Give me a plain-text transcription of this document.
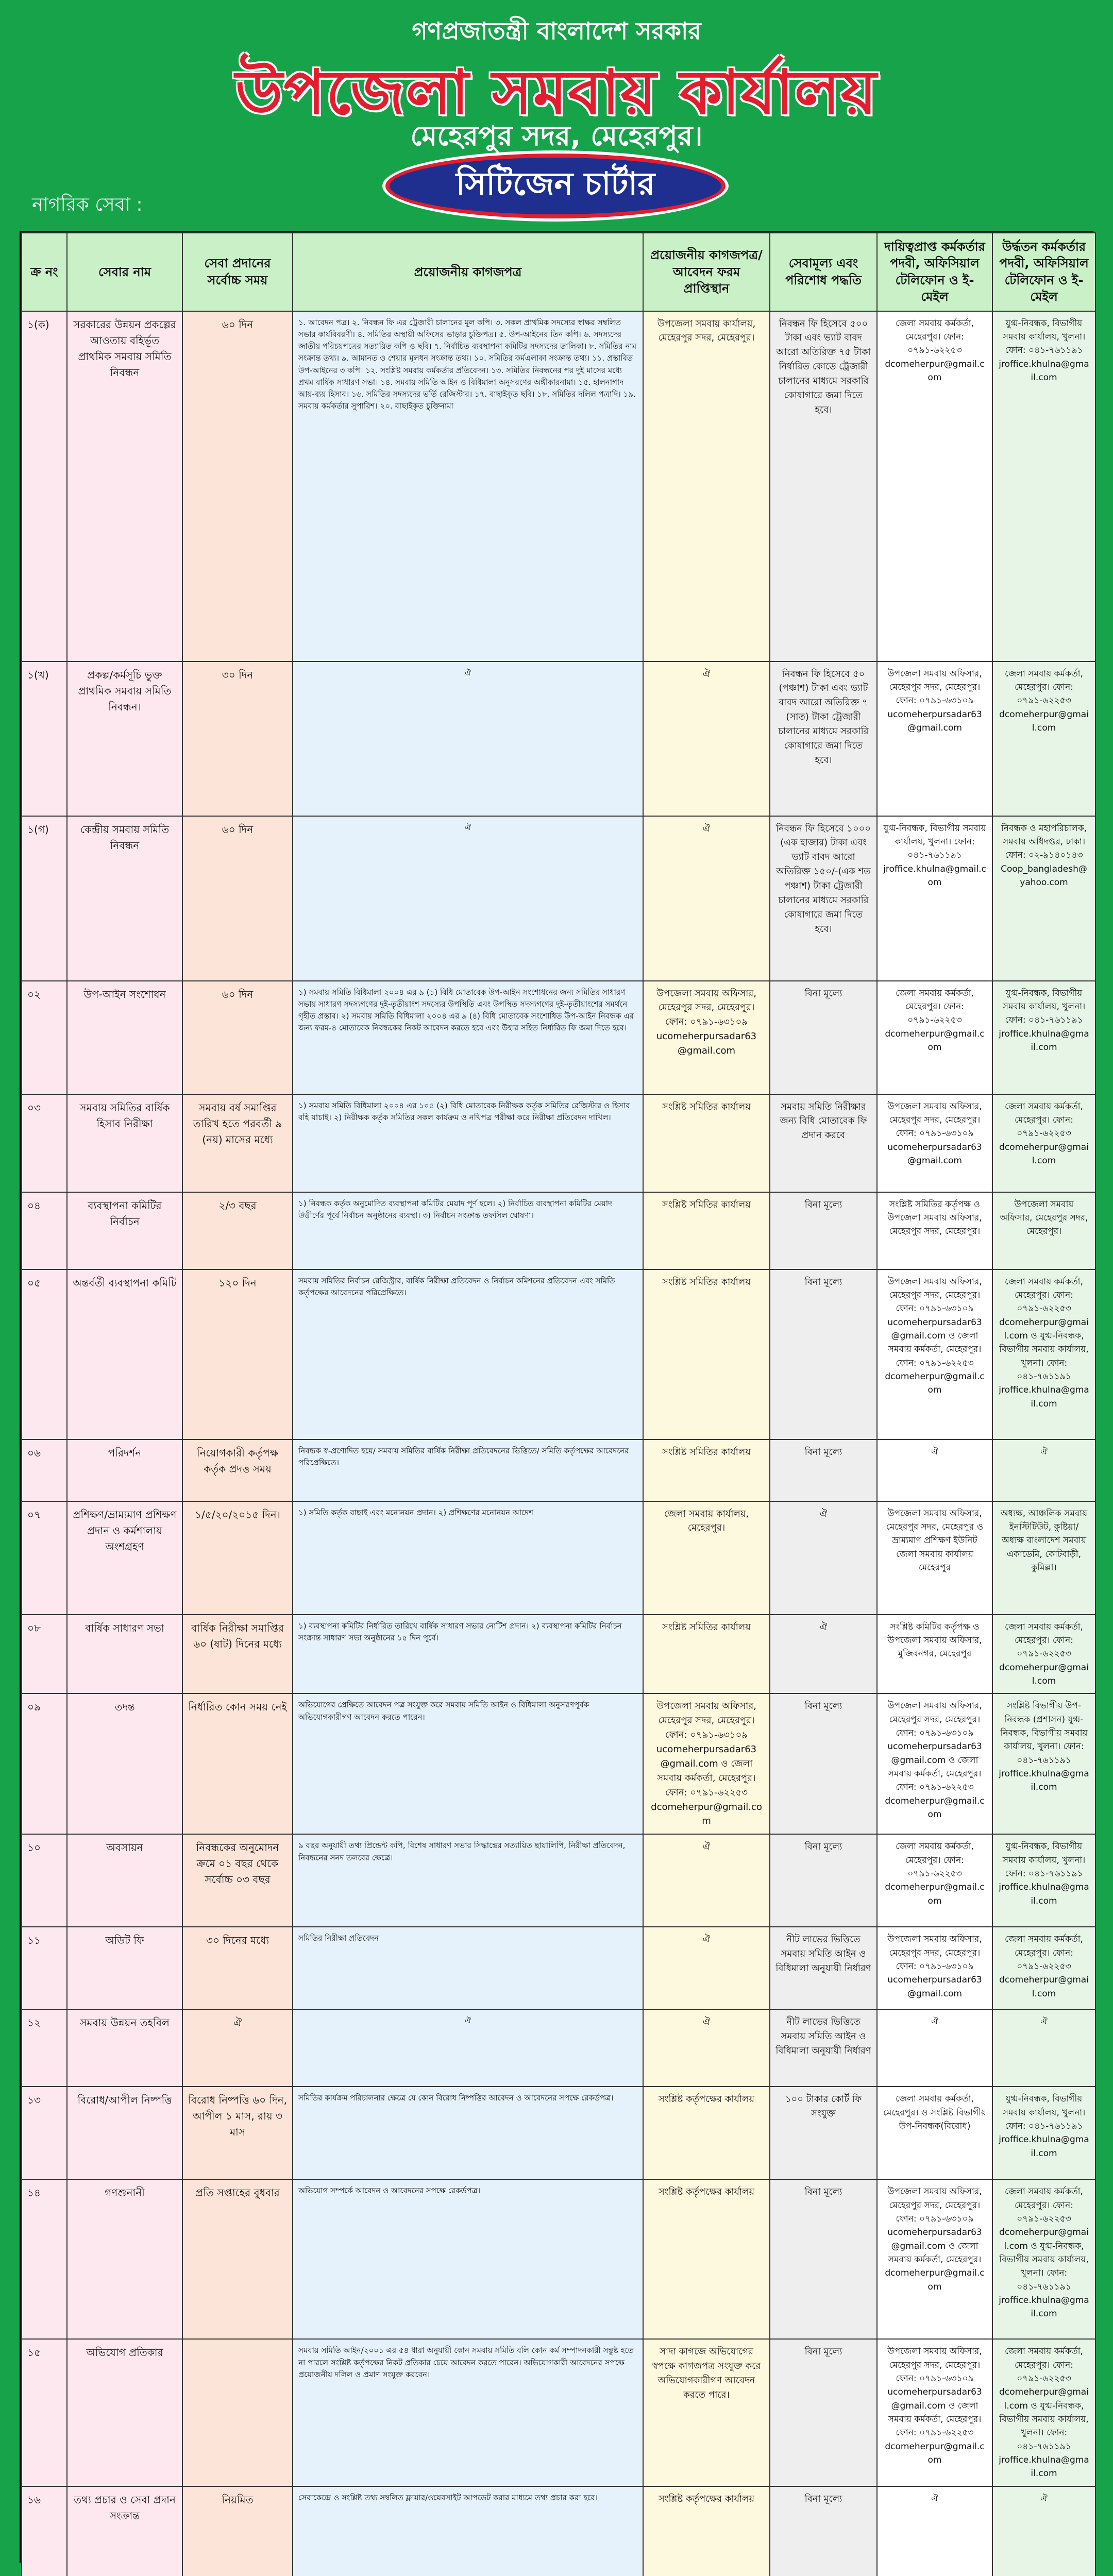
গণপ্রজাতন্ত্রী বাংলাদেশ সরকার
উপজেলা সমবায় কার্যালয়
মেহেরপুর সদর, মেহেরপুর।
নাগরিক সেবা :
সিটিজেন চার্টার
ক্র নং	সেবার নাম	সেবা প্রদানের সর্বোচ্চ সময়	প্রয়োজনীয় কাগজপত্র	প্রয়োজনীয় কাগজপত্র/ আবেদন ফরম প্রাপ্তিস্থান	সেবামূল্য এবং পরিশোধ পদ্ধতি	দায়িত্বপ্রাপ্ত কর্মকর্তার পদবী, অফিসিয়াল টেলিফোন ও ই-মেইল	উর্দ্ধতন কর্মকর্তার পদবী, অফিসিয়াল টেলিফোন ও ই-মেইল
১(ক)	সরকারের উন্নয়ন প্রকল্পের আওতায় বহির্ভূত প্রাথমিক সমবায় সমিতি নিবন্ধন	৬০ দিন	১. আবেদন পত্র। ২. নিবন্ধন ফি এর ট্রেজারী চালানের মূল কপি। ৩. সকল প্রাথমিক সদস্যের স্বাক্ষর সম্বলিত সভার কার্যবিবরণী। ৪. সমিতির অস্থায়ী অফিসের ভাড়ার চুক্তিপত্র। ৫. উপ-আইনের তিন কপি। ৬. সদস্যদের জাতীয় পরিচয়পত্রের সত্যায়িত কপি ও ছবি। ৭. নির্বাচিত ব্যবস্থাপনা কমিটির সদস্যদের তালিকা। ৮. সমিতির নাম সংক্রান্ত তথ্য। ৯. আমানত ও শেয়ার মূলধন সংক্রান্ত তথ্য। ১০. সমিতির কর্মএলাকা সংক্রান্ত তথ্য। ১১. প্রস্তাবিত উপ-আইনের ৩ কপি। ১২. সংশ্লিষ্ট সমবায় কর্মকর্তার প্রতিবেদন। ১৩. সমিতির নিবন্ধনের পর দুই মাসের মধ্যে প্রথম বার্ষিক সাধারণ সভা। ১৪. সমবায় সমিতি আইন ও বিধিমালা অনুসরণের অঙ্গীকারনামা। ১৫. হালনাগাদ আয়-ব্যয় হিসাব। ১৬. সমিতির সদস্যদের ভর্তি রেজিস্টার। ১৭. বাছাইকৃত ছবি। ১৮. সমিতির দলিল পত্রাদি। ১৯. সমবায় কর্মকর্তার সুপারিশ। ২০. বাছাইকৃত চুক্তিনামা	উপজেলা সমবায় কার্যালয়, মেহেরপুর সদর, মেহেরপুর।	নিবন্ধন ফি হিসেবে ৫০০ টাকা এবং ভ্যাট বাবদ আরো অতিরিক্ত ৭৫ টাকা নির্ধারিত কোডে ট্রেজারী চালানের মাধ্যমে সরকারি কোষাগারে জমা দিতে হবে।	জেলা সমবায় কর্মকর্তা, মেহেরপুর। ফোন: ০৭৯১-৬২২৫৩ dcomeherpur@gmail.com	যুগ্ম-নিবন্ধক, বিভাগীয় সমবায় কার্যালয়, খুলনা। ফোন: ০৪১-৭৬১১৯১ jrofficе.khulna@gmail.com
১(খ)	প্রকল্প/কর্মসূচি ভুক্ত প্রাথমিক সমবায় সমিতি নিবন্ধন।	৩০ দিন	ঐ	ঐ	নিবন্ধন ফি হিসেবে ৫০ (পঞ্চাশ) টাকা এবং ভ্যাট বাবদ আরো অতিরিক্ত ৭ (সাত) টাকা ট্রেজারী চালানের মাধ্যমে সরকারি কোষাগারে জমা দিতে হবে।	উপজেলা সমবায় অফিসার, মেহেরপুর সদর, মেহেরপুর। ফোন: ০৭৯১-৬৩১০৯ ucomeherpursadar63 @gmail.com	জেলা সমবায় কর্মকর্তা, মেহেরপুর। ফোন: ০৭৯১-৬২২৫৩ dcomeherpur@gmail.com
১(গ)	কেন্দ্রীয় সমবায় সমিতি নিবন্ধন	৬০ দিন	ঐ	ঐ	নিবন্ধন ফি হিসেবে ১০০০ (এক হাজার) টাকা এবং ভ্যাট বাবদ আরো অতিরিক্ত ১৫০/-(এক শত পঞ্চাশ) টাকা ট্রেজারী চালানের মাধ্যমে সরকারি কোষাগারে জমা দিতে হবে।	যুগ্ম-নিবন্ধক, বিভাগীয় সমবায় কার্যালয়, খুলনা। ফোন: ০৪১-৭৬১১৯১ jrofficе.khulna@gmail.com	নিবন্ধক ও মহাপরিচালক, সমবায় অধিদপ্তর, ঢাকা। ফোন: ০২-৯১৪০১৪৩ Coop_bangladesh@ yahoo.com
০২	উপ-আইন সংশোধন	৬০ দিন	১) সমবায় সমিতি বিধিমালা ২০০৪ এর ৯ (১) বিধি মোতাবেক উপ-আইন সংশোধনের জন্য সমিতির সাধারণ সভায় সাধারণ সদস্যগণের দুই-তৃতীয়াংশ সদস্যের উপস্থিতি এবং উপস্থিত সদস্যগণের দুই-তৃতীয়াংশের সমর্থনে গৃহীত প্রস্তাব। ২) সমবায় সমিতি বিধিমালা ২০০৪ এর ৯ (৪) বিধি মোতাবেক সংশোধিত উপ-আইন নিবন্ধক এর জন্য ফরম-৪ মোতাবেক নিবন্ধকের নিকট আবেদন করতে হবে এবং উহার সহিত নির্ধারিত ফি জমা দিতে হবে।	উপজেলা সমবায় অফিসার, মেহেরপুর সদর, মেহেরপুর। ফোন: ০৭৯১-৬৩১০৯ ucomeherpursadar63 @gmail.com	বিনা মূল্যে	জেলা সমবায় কর্মকর্তা, মেহেরপুর। ফোন: ০৭৯১-৬২২৫৩ dcomeherpur@gmail.com	যুগ্ম-নিবন্ধক, বিভাগীয় সমবায় কার্যালয়, খুলনা। ফোন: ০৪১-৭৬১১৯১ jrofficе.khulna@gmail.com
০৩	সমবায় সমিতির বার্ষিক হিসাব নিরীক্ষা	সমবায় বর্ষ সমাপ্তির তারিখ হতে পরবর্তী ৯ (নয়) মাসের মধ্যে	১) সমবায় সমিতি বিধিমালা ২০০৪ এর ১০৫ (২) বিধি মোতাবেক নিরীক্ষক কর্তৃক সমিতির রেজিস্টার ও হিসাব বহি যাচাই। ২) নিরীক্ষক কর্তৃক সমিতির সকল কার্যক্রম ও নথিপত্র পরীক্ষা করে নিরীক্ষা প্রতিবেদন দাখিল।	সংশ্লিষ্ট সমিতির কার্যালয়	সমবায় সমিতি নিরীক্ষার জন্য বিধি মোতাবেক ফি প্রদান করবে	উপজেলা সমবায় অফিসার, মেহেরপুর সদর, মেহেরপুর। ফোন: ০৭৯১-৬৩১০৯ ucomeherpursadar63 @gmail.com	জেলা সমবায় কর্মকর্তা, মেহেরপুর। ফোন: ০৭৯১-৬২২৫৩ dcomeherpur@gmail.com
০৪	ব্যবস্থাপনা কমিটির নির্বাচন	২/৩ বছর	১) নিবন্ধক কর্তৃক অনুমোদিত ব্যবস্থাপনা কমিটির মেয়াদ পূর্ণ হলে। ২) নির্বাচিত ব্যবস্থাপনা কমিটির মেয়াদ উত্তীর্ণের পূর্বে নির্বাচন অনুষ্ঠানের ব্যবস্থা। ৩) নির্বাচন সংক্রান্ত তফসিল ঘোষণা।	সংশ্লিষ্ট সমিতির কার্যালয়	বিনা মূল্যে	সংশ্লিষ্ট সমিতির কর্তৃপক্ষ ও উপজেলা সমবায় অফিসার, মেহেরপুর সদর, মেহেরপুর।	উপজেলা সমবায় অফিসার, মেহেরপুর সদর, মেহেরপুর।
০৫	অন্তর্বর্তী ব্যবস্থাপনা কমিটি	১২০ দিন	সমবায় সমিতির নির্বাচন রেজিস্ট্রার, বার্ষিক নিরীক্ষা প্রতিবেদন ও নির্বাচন কমিশনের প্রতিবেদন এবং সমিতি কর্তৃপক্ষের আবেদনের পরিপ্রেক্ষিতে।	সংশ্লিষ্ট সমিতির কার্যালয়	বিনা মূল্যে	উপজেলা সমবায় অফিসার, মেহেরপুর সদর, মেহেরপুর। ফোন: ০৭৯১-৬৩১০৯ ucomeherpursadar63 @gmail.com ও জেলা সমবায় কর্মকর্তা, মেহেরপুর। ফোন: ০৭৯১-৬২২৫৩ dcomeherpur@gmail.com	জেলা সমবায় কর্মকর্তা, মেহেরপুর। ফোন: ০৭৯১-৬২২৫৩ dcomeherpur@gmail.com ও যুগ্ম-নিবন্ধক, বিভাগীয় সমবায় কার্যালয়, খুলনা। ফোন: ০৪১-৭৬১১৯১ jrofficе.khulna@gmail.com
০৬	পরিদর্শন	নিয়োগকারী কর্তৃপক্ষ কর্তৃক প্রদত্ত সময়	নিবন্ধক স্ব-প্রণোদিত হয়ে/ সমবায় সমিতির বার্ষিক নিরীক্ষা প্রতিবেদনের ভিত্তিতে/ সমিতি কর্তৃপক্ষের আবেদনের পরিপ্রেক্ষিতে।	সংশ্লিষ্ট সমিতির কার্যালয়	বিনা মূল্যে	ঐ	ঐ
০৭	প্রশিক্ষণ/ভ্রাম্যমাণ প্রশিক্ষণ প্রদান ও কর্মশালায় অংশগ্রহণ	১/৫/২০/২০১৫ দিন।	১) সমিতি কর্তৃক বাছাই এবং মনোনয়ন প্রদান। ২) প্রশিক্ষণের মনোনয়ন আদেশ	জেলা সমবায় কার্যালয়, মেহেরপুর।	ঐ	উপজেলা সমবায় অফিসার, মেহেরপুর সদর, মেহেরপুর ও ভ্রাম্যমাণ প্রশিক্ষণ ইউনিট জেলা সমবায় কার্যালয় মেহেরপুর	অধ্যক্ষ, আঞ্চলিক সমবায় ইনস্টিটিউট, কুষ্টিয়া/ অধ্যক্ষ বাংলাদেশ সমবায় একাডেমি, কোটবাড়ী, কুমিল্লা।
০৮	বার্ষিক সাধারণ সভা	বার্ষিক নিরীক্ষা সমাপ্তির ৬০ (ষাট) দিনের মধ্যে	১) ব্যবস্থাপনা কমিটির নির্ধারিত তারিখে বার্ষিক সাধারণ সভার নোটিশ প্রদান। ২) ব্যবস্থাপনা কমিটির নির্বাচন সংক্রান্ত সাধারণ সভা অনুষ্ঠানের ১৫ দিন পূর্বে।	সংশ্লিষ্ট সমিতির কার্যালয়	ঐ	সংশ্লিষ্ট কমিটির কর্তৃপক্ষ ও উপজেলা সমবায় অফিসার, মুজিবনগর, মেহেরপুর	জেলা সমবায় কর্মকর্তা, মেহেরপুর। ফোন: ০৭৯১-৬২২৫৩ dcomeherpur@gmail.com
০৯	তদন্ত	নির্ধারিত কোন সময় নেই	অভিযোগের প্রেক্ষিতে আবেদন পত্র সংযুক্ত করে সমবায় সমিতি আইন ও বিধিমালা অনুসরণপূর্বক অভিযোগকারীগণ আবেদন করতে পারেন।	উপজেলা সমবায় অফিসার, মেহেরপুর সদর, মেহেরপুর। ফোন: ০৭৯১-৬৩১০৯ ucomeherpursadar63 @gmail.com ও জেলা সমবায় কর্মকর্তা, মেহেরপুর। ফোন: ০৭৯১-৬২২৫৩ dcomeherpur@gmail.com	বিনা মূল্যে	উপজেলা সমবায় অফিসার, মেহেরপুর সদর, মেহেরপুর। ফোন: ০৭৯১-৬৩১০৯ ucomeherpursadar63 @gmail.com ও জেলা সমবায় কর্মকর্তা, মেহেরপুর। ফোন: ০৭৯১-৬২২৫৩ dcomeherpur@gmail.com	সংশ্লিষ্ট বিভাগীয় উপ-নিবন্ধক (প্রশাসন) যুগ্ম-নিবন্ধক, বিভাগীয় সমবায় কার্যালয়, খুলনা। ফোন: ০৪১-৭৬১১৯১ jrofficе.khulna@gmail.com
১০	অবসায়ন	নিবন্ধকের অনুমোদন ক্রমে ০১ বছর থেকে সর্বোচ্চ ০৩ বছর	৯ বছর অনুযায়ী তথ্য প্রিন্ডেন্ট কপি, বিশেষ সাধারণ সভার সিদ্ধান্তের সত্যায়িত ছায়ালিপি, নিরীক্ষা প্রতিবেদন, নিবন্ধনের সনদ তলবের ক্ষেত্রে।	ঐ	বিনা মূল্যে	জেলা সমবায় কর্মকর্তা, মেহেরপুর। ফোন: ০৭৯১-৬২২৫৩ dcomeherpur@gmail.com	যুগ্ম-নিবন্ধক, বিভাগীয় সমবায় কার্যালয়, খুলনা। ফোন: ০৪১-৭৬১১৯১ jrofficе.khulna@gmail.com
১১	অডিট ফি	৩০ দিনের মধ্যে	সমিতির নিরীক্ষা প্রতিবেদন	ঐ	নীট লাভের ভিত্তিতে সমবায় সমিতি আইন ও বিধিমালা অনুযায়ী নির্ধারণ	উপজেলা সমবায় অফিসার, মেহেরপুর সদর, মেহেরপুর। ফোন: ০৭৯১-৬৩১০৯ ucomeherpursadar63 @gmail.com	জেলা সমবায় কর্মকর্তা, মেহেরপুর। ফোন: ০৭৯১-৬২২৫৩ dcomeherpur@gmail.com
১২	সমবায় উন্নয়ন তহবিল	ঐ	ঐ	ঐ	নীট লাভের ভিত্তিতে সমবায় সমিতি আইন ও বিধিমালা অনুযায়ী নির্ধারণ	ঐ	ঐ
১৩	বিরোধ/আপীল নিষ্পত্তি	বিরোধ নিষ্পত্তি ৬০ দিন, আপীল ১ মাস, রায় ৩ মাস	সমিতির কার্যক্রম পরিচালনার ক্ষেত্রে যে কোন বিরোধ নিষ্পত্তির আবেদন ও আবেদনের সপক্ষে রেকর্ডপত্র।	সংশ্লিষ্ট কর্তৃপক্ষের কার্যালয়	১০০ টাকার কোর্ট ফি সংযুক্ত	জেলা সমবায় কর্মকর্তা, মেহেরপুর। ও সংশ্লিষ্ট বিভাগীয় উপ-নিবন্ধক(বিরোধ)	যুগ্ম-নিবন্ধক, বিভাগীয় সমবায় কার্যালয়, খুলনা। ফোন: ০৪১-৭৬১১৯১ jrofficе.khulna@gmail.com
১৪	গণশুনানী	প্রতি সপ্তাহের বুধবার	অভিযোগ সম্পর্কে আবেদন ও আবেদনের সপক্ষে রেকর্ডপত্র।	সংশ্লিষ্ট কর্তৃপক্ষের কার্যালয়	বিনা মূল্যে	উপজেলা সমবায় অফিসার, মেহেরপুর সদর, মেহেরপুর। ফোন: ০৭৯১-৬৩১০৯ ucomeherpursadar63 @gmail.com ও জেলা সমবায় কর্মকর্তা, মেহেরপুর। dcomeherpur@gmail.com	জেলা সমবায় কর্মকর্তা, মেহেরপুর। ফোন: ০৭৯১-৬২২৫৩ dcomeherpur@gmail.com ও যুগ্ম-নিবন্ধক, বিভাগীয় সমবায় কার্যালয়, খুলনা। ফোন: ০৪১-৭৬১১৯১ jrofficе.khulna@gmail.com
১৫	অভিযোগ প্রতিকার		সমবায় সমিতি আইন/২০০১ এর ৫৪ ধারা অনুযায়ী কোন সমবায় সমিতি বলি কোন কর্ম সম্পাদনকারী সন্তুষ্ট হতে না পারলে সংশ্লিষ্ট কর্তৃপক্ষের নিকট প্রতিকার চেয়ে আবেদন করতে পারেন। অভিযোগকারী আবেদনের সপক্ষে প্রয়োজনীয় দলিল ও প্রমাণ সংযুক্ত করবেন।	সাদা কাগজে অভিযোগের স্বপক্ষে কাগজপত্র সংযুক্ত করে অভিযোগকারীগণ আবেদন করতে পারে।	বিনা মূল্যে	উপজেলা সমবায় অফিসার, মেহেরপুর সদর, মেহেরপুর। ফোন: ০৭৯১-৬৩১০৯ ucomeherpursadar63 @gmail.com ও জেলা সমবায় কর্মকর্তা, মেহেরপুর। ফোন: ০৭৯১-৬২২৫৩ dcomeherpur@gmail.com	জেলা সমবায় কর্মকর্তা, মেহেরপুর। ফোন: ০৭৯১-৬২২৫৩ dcomeherpur@gmail.com ও যুগ্ম-নিবন্ধক, বিভাগীয় সমবায় কার্যালয়, খুলনা। ফোন: ০৪১-৭৬১১৯১ jrofficе.khulna@gmail.com
১৬	তথ্য প্রচার ও সেবা প্রদান সংক্রান্ত	নিয়মিত	সেবাকেন্দ্রে ও সংশ্লিষ্ট তথ্য সম্বলিত ফ্লায়ার/ওয়েবসাইট আপডেট করার মাধ্যমে তথ্য প্রচার করা হবে।	সংশ্লিষ্ট কর্তৃপক্ষের কার্যালয়	বিনা মূল্যে	ঐ	ঐ
